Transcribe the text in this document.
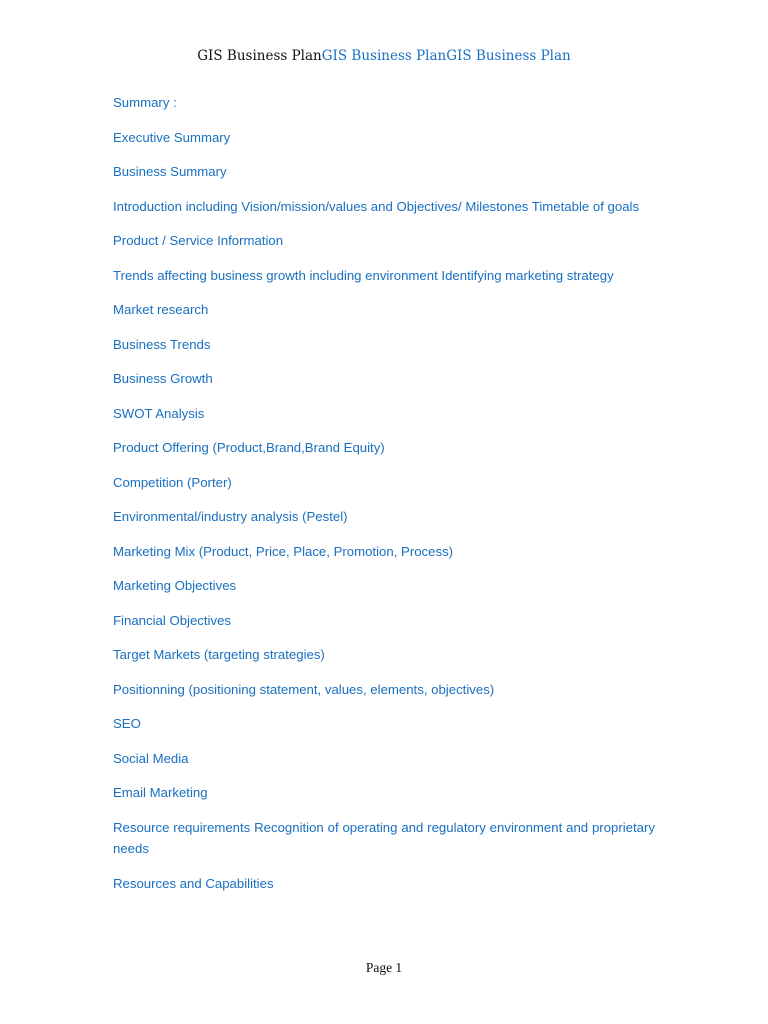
GIS Business PlanGIS Business PlanGIS Business Plan
Summary :
Executive Summary
Business Summary
Introduction including Vision/mission/values and Objectives/ Milestones Timetable of goals
Product / Service Information
Trends affecting business growth including environment Identifying marketing strategy
Market research
Business Trends
Business Growth
SWOT Analysis
Product Offering (Product,Brand,Brand Equity)
Competition (Porter)
Environmental/industry analysis (Pestel)
Marketing Mix (Product, Price, Place, Promotion, Process)
Marketing Objectives
Financial Objectives
Target Markets (targeting strategies)
Positionning (positioning statement, values, elements, objectives)
SEO
Social Media
Email Marketing
Resource requirements Recognition of operating and regulatory environment and proprietary needs
Resources and Capabilities
Page 1
